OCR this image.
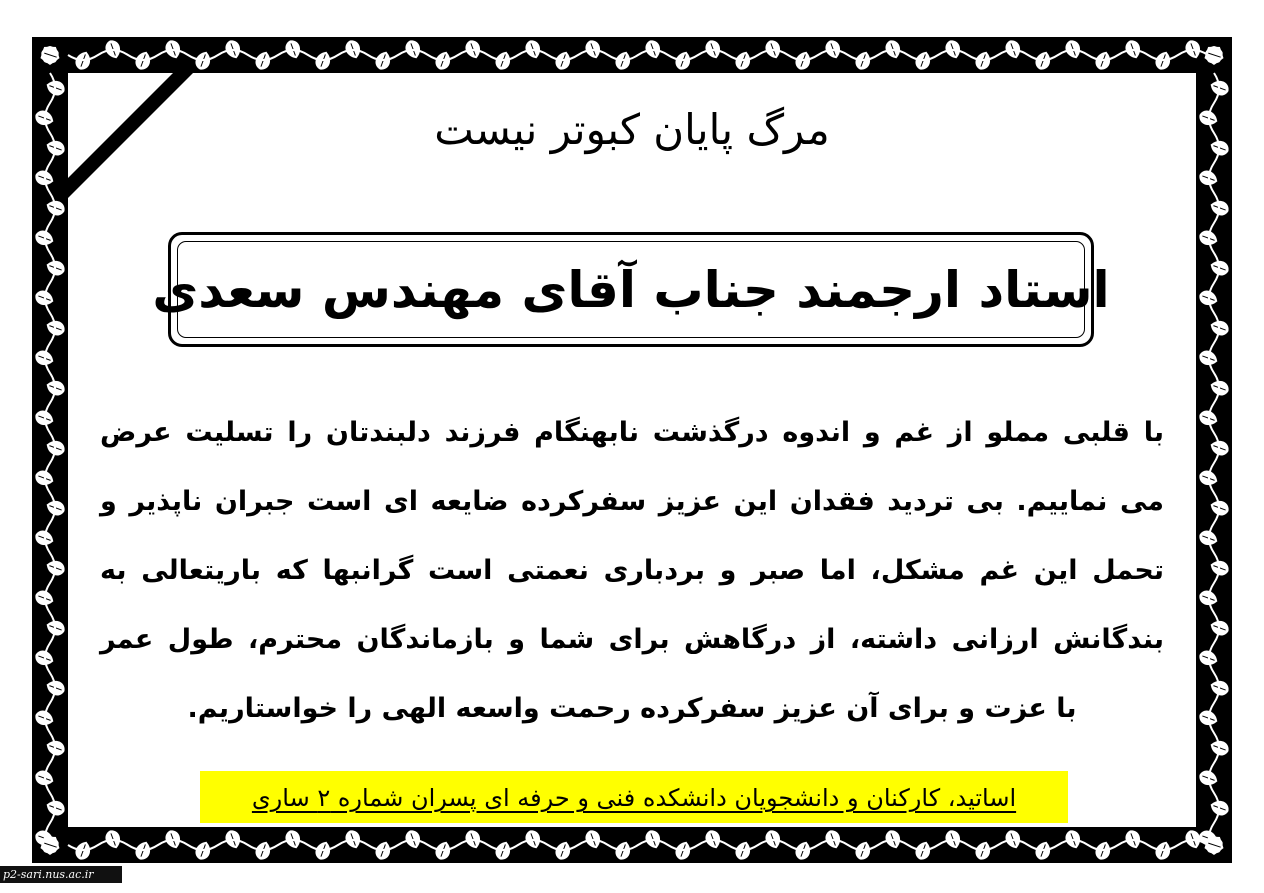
مرگ پایان کبوتر نیست
استاد ارجمند جناب آقای مهندس سعدی
با قلبی مملو از غم و اندوه درگذشت نابهنگام فرزند دلبندتان را تسلیت عرض
می نماییم. بی تردید فقدان این عزیز سفرکرده ضایعه ای است جبران ناپذیر و
تحمل این غم مشکل، اما صبر و بردباری نعمتی است گرانبها که باریتعالی به
بندگانش ارزانی داشته، از درگاهش برای شما و بازماندگان محترم، طول عمر
با عزت و برای آن عزیز سفرکرده رحمت واسعه الهی را خواستاریم.
اساتید، کارکنان و دانشجویان دانشکده فنی و حرفه ای پسران شماره ۲ ساری
p2-sari.nus.ac.ir
